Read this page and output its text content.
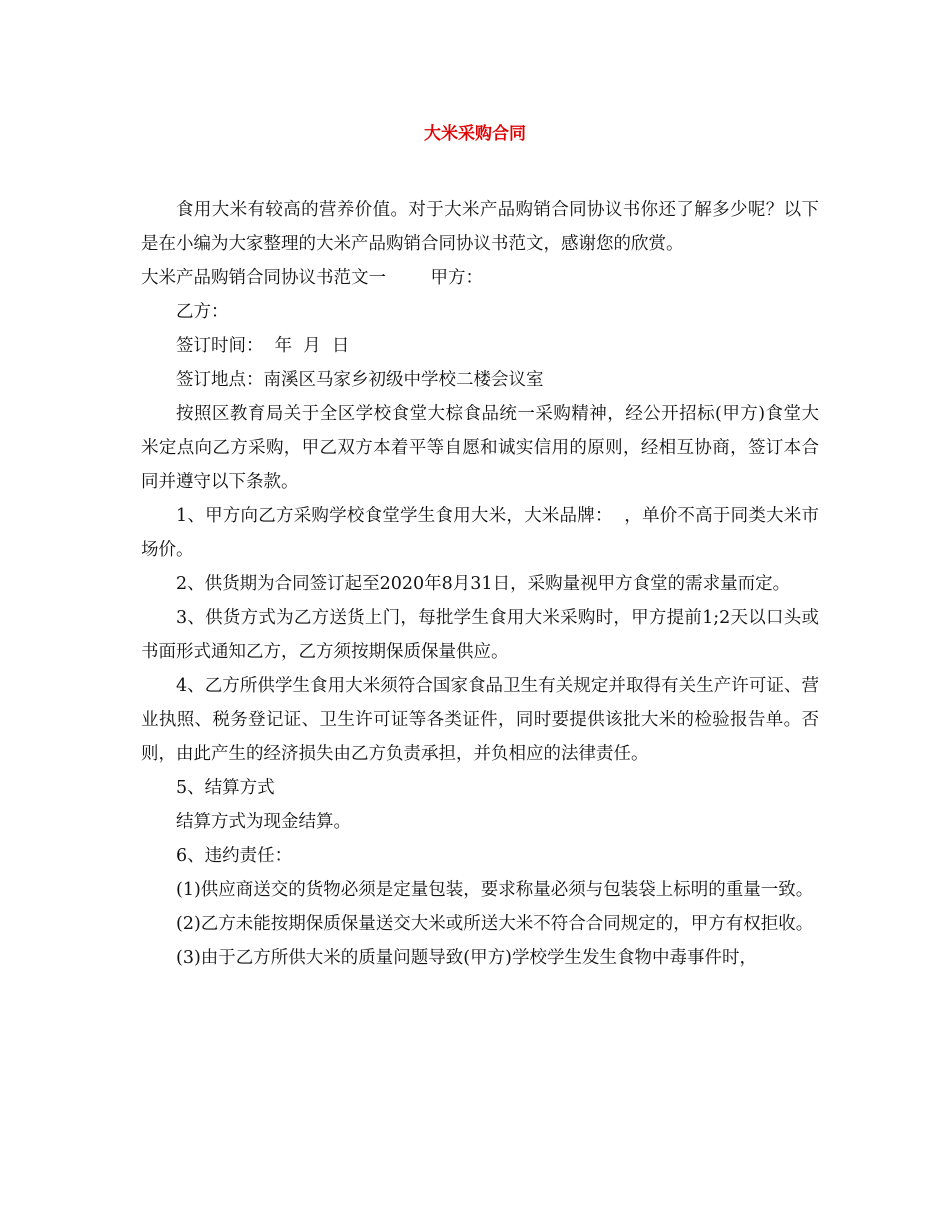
大米采购合同

食用大米有较高的营养价值。对于大米产品购销合同协议书你还了解多少呢？以下是在小编为大家整理的大米产品购销合同协议书范文，感谢您的欣赏。

大米产品购销合同协议书范文一        甲方：

乙方：

签订时间：  年  月  日

签订地点：南溪区马家乡初级中学校二楼会议室

按照区教育局关于全区学校食堂大棕食品统一采购精神，经公开招标(甲方)食堂大米定点向乙方采购，甲乙双方本着平等自愿和诚实信用的原则，经相互协商，签订本合同并遵守以下条款。

1、甲方向乙方采购学校食堂学生食用大米，大米品牌：  ，单价不高于同类大米市场价。

2、供货期为合同签订起至2020年8月31日，采购量视甲方食堂的需求量而定。

3、供货方式为乙方送货上门，每批学生食用大米采购时，甲方提前1;2天以口头或书面形式通知乙方，乙方须按期保质保量供应。

4、乙方所供学生食用大米须符合国家食品卫生有关规定并取得有关生产许可证、营业执照、税务登记证、卫生许可证等各类证件，同时要提供该批大米的检验报告单。否则，由此产生的经济损失由乙方负责承担，并负相应的法律责任。

5、结算方式

结算方式为现金结算。

6、违约责任：

(1)供应商送交的货物必须是定量包装，要求称量必须与包装袋上标明的重量一致。

(2)乙方未能按期保质保量送交大米或所送大米不符合合同规定的，甲方有权拒收。

(3)由于乙方所供大米的质量问题导致(甲方)学校学生发生食物中毒事件时，
